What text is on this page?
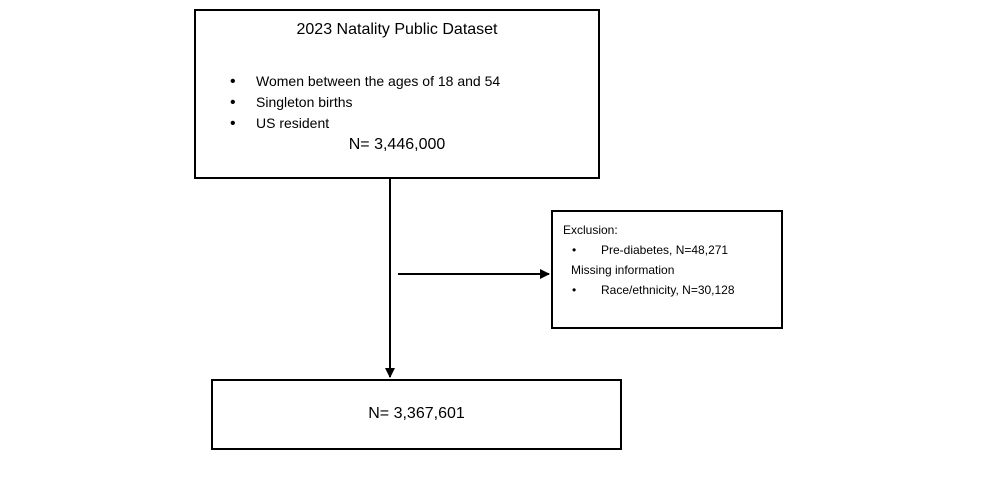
2023 Natality Public Dataset
• Women between the ages of 18 and 54
• Singleton births
• US resident
N= 3,446,000
Exclusion:
• Pre-diabetes, N=48,271
Missing information
• Race/ethnicity, N=30,128
N= 3,367,601
